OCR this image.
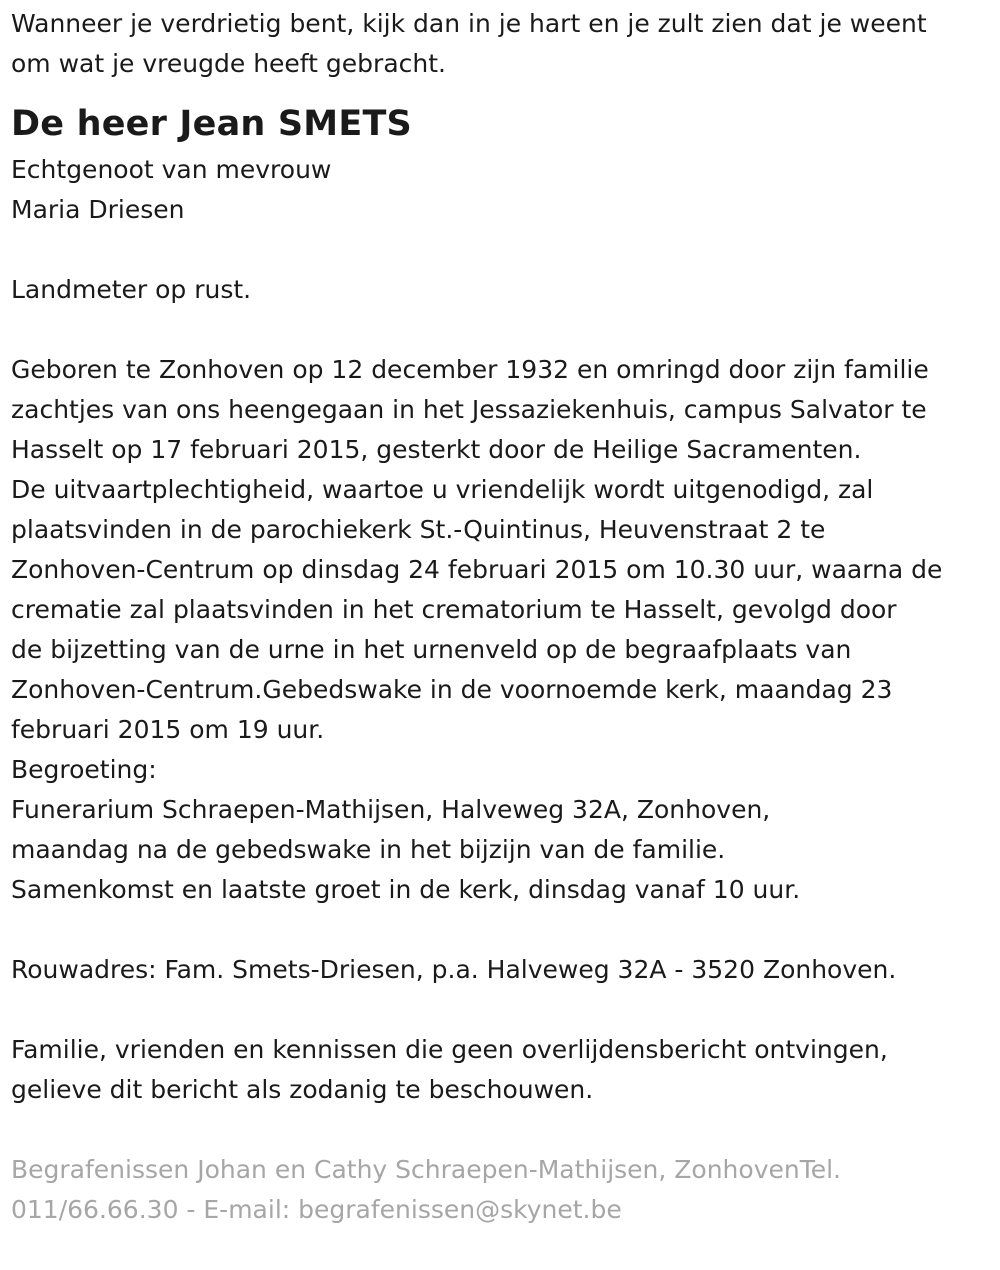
Wanneer je verdrietig bent, kijk dan in je hart en je zult zien dat je weent
om wat je vreugde heeft gebracht.
De heer Jean SMETS
Echtgenoot van mevrouw
Maria Driesen
Landmeter op rust.
Geboren te Zonhoven op 12 december 1932 en omringd door zijn familie
zachtjes van ons heengegaan in het Jessaziekenhuis, campus Salvator te
Hasselt op 17 februari 2015, gesterkt door de Heilige Sacramenten.
De uitvaartplechtigheid, waartoe u vriendelijk wordt uitgenodigd, zal
plaatsvinden in de parochiekerk St.-Quintinus, Heuvenstraat 2 te
Zonhoven-Centrum op dinsdag 24 februari 2015 om 10.30 uur, waarna de
crematie zal plaatsvinden in het crematorium te Hasselt, gevolgd door
de bijzetting van de urne in het urnenveld op de begraafplaats van
Zonhoven-Centrum.Gebedswake in de voornoemde kerk, maandag 23
februari 2015 om 19 uur.
Begroeting:
Funerarium Schraepen-Mathijsen, Halveweg 32A, Zonhoven,
maandag na de gebedswake in het bijzijn van de familie.
Samenkomst en laatste groet in de kerk, dinsdag vanaf 10 uur.
Rouwadres: Fam. Smets-Driesen, p.a. Halveweg 32A - 3520 Zonhoven.
Familie, vrienden en kennissen die geen overlijdensbericht ontvingen,
gelieve dit bericht als zodanig te beschouwen.
Begrafenissen Johan en Cathy Schraepen-Mathijsen, ZonhovenTel.
011/66.66.30 - E-mail: begrafenissen@skynet.be
